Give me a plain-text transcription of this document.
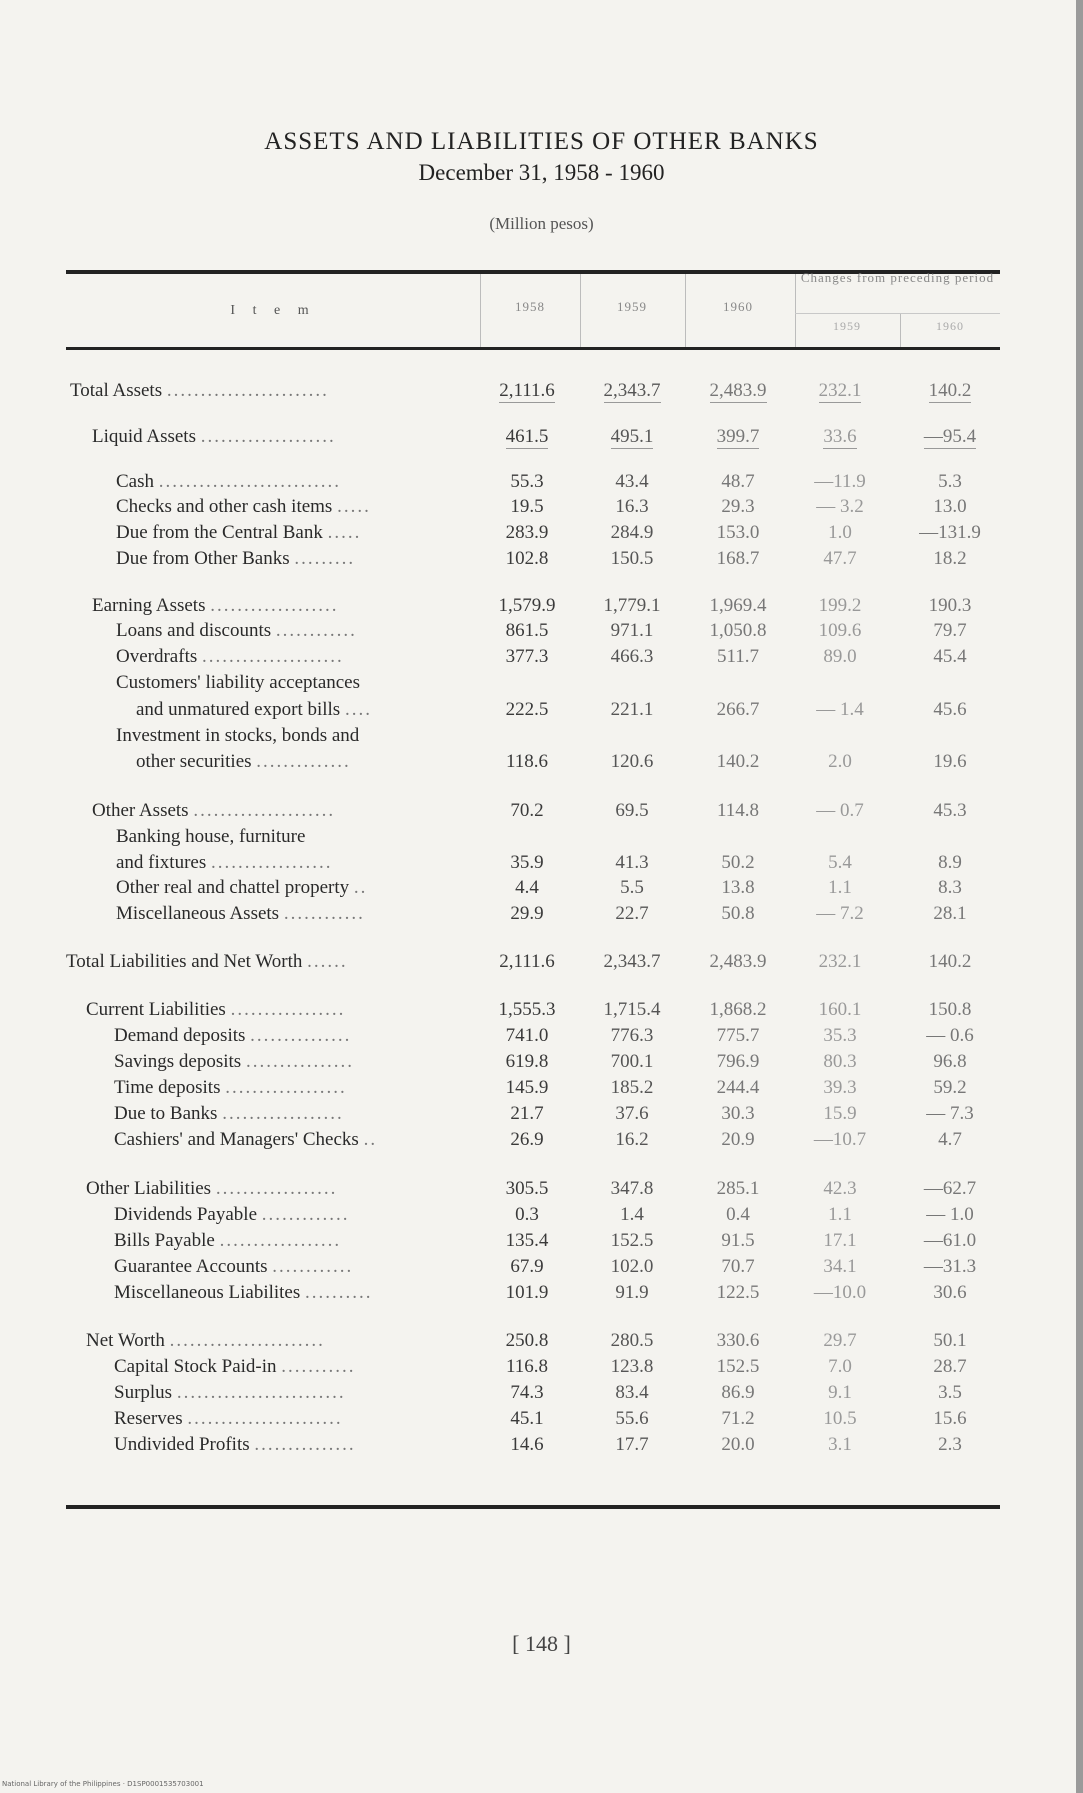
ASSETS AND LIABILITIES OF OTHER BANKS
December 31, 1958 - 1960
(Million pesos)
I t e m	1958	1959	1960
Changes from preceding period
1959	1960
Total Assets ........................	2,111.6	2,343.7	2,483.9	232.1	140.2
Liquid Assets ....................	461.5	495.1	399.7	33.6	—95.4
Cash ...........................	55.3	43.4	48.7	—11.9	5.3
Checks and other cash items .....	19.5	16.3	29.3	— 3.2	13.0
Due from the Central Bank .....	283.9	284.9	153.0	1.0	—131.9
Due from Other Banks .........	102.8	150.5	168.7	47.7	18.2
Earning Assets ...................	1,579.9	1,779.1	1,969.4	199.2	190.3
Loans and discounts ............	861.5	971.1	1,050.8	109.6	79.7
Overdrafts .....................	377.3	466.3	511.7	89.0	45.4
Customers' liability acceptances
and unmatured export bills ....	222.5	221.1	266.7	— 1.4	45.6
Investment in stocks, bonds and
other securities ..............	118.6	120.6	140.2	2.0	19.6
Other Assets .....................	70.2	69.5	114.8	— 0.7	45.3
Banking house, furniture
and fixtures ..................	35.9	41.3	50.2	5.4	8.9
Other real and chattel property ..	4.4	5.5	13.8	1.1	8.3
Miscellaneous Assets ............	29.9	22.7	50.8	— 7.2	28.1
Total Liabilities and Net Worth ......	2,111.6	2,343.7	2,483.9	232.1	140.2
Current Liabilities .................	1,555.3	1,715.4	1,868.2	160.1	150.8
Demand deposits ...............	741.0	776.3	775.7	35.3	— 0.6
Savings deposits ................	619.8	700.1	796.9	80.3	96.8
Time deposits ..................	145.9	185.2	244.4	39.3	59.2
Due to Banks ..................	21.7	37.6	30.3	15.9	— 7.3
Cashiers' and Managers' Checks ..	26.9	16.2	20.9	—10.7	4.7
Other Liabilities ..................	305.5	347.8	285.1	42.3	—62.7
Dividends Payable .............	0.3	1.4	0.4	1.1	— 1.0
Bills Payable ..................	135.4	152.5	91.5	17.1	—61.0
Guarantee Accounts ............	67.9	102.0	70.7	34.1	—31.3
Miscellaneous Liabilites ..........	101.9	91.9	122.5	—10.0	30.6
Net Worth .......................	250.8	280.5	330.6	29.7	50.1
Capital Stock Paid-in ...........	116.8	123.8	152.5	7.0	28.7
Surplus .........................	74.3	83.4	86.9	9.1	3.5
Reserves .......................	45.1	55.6	71.2	10.5	15.6
Undivided Profits ...............	14.6	17.7	20.0	3.1	2.3
[ 148 ]
National Library of the Philippines · D1SP0001535703001
